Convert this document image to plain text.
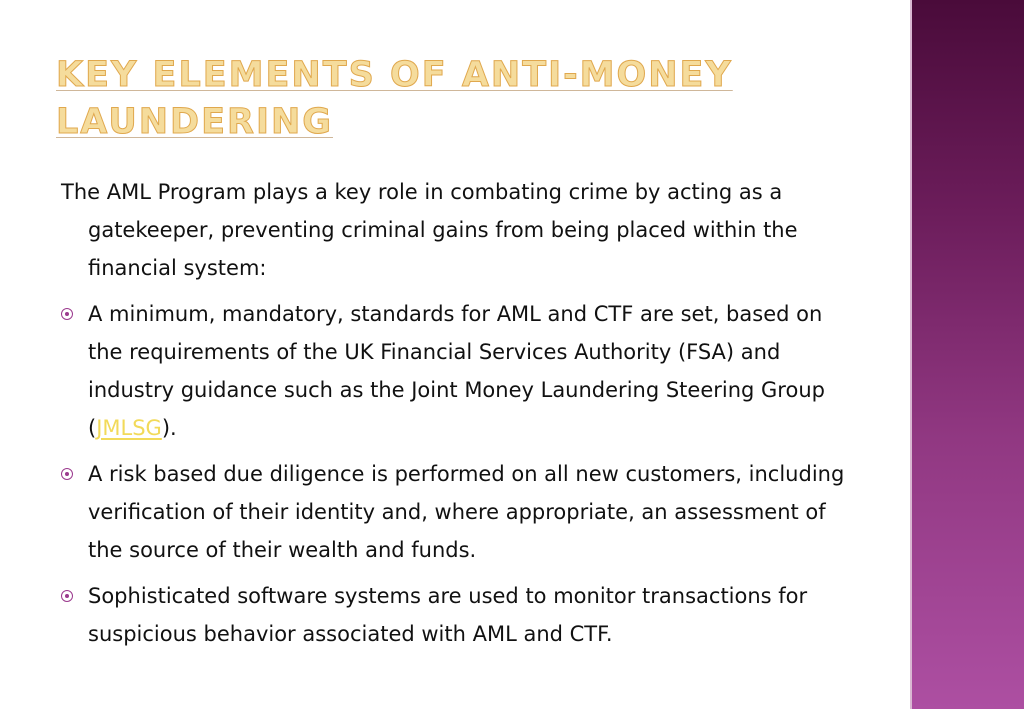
KEY ELEMENTS OF ANTI-MONEY
LAUNDERING

The AML Program plays a key role in combating crime by acting as a gatekeeper, preventing criminal gains from being placed within the financial system:

A minimum, mandatory, standards for AML and CTF are set, based on the requirements of the UK Financial Services Authority (FSA) and industry guidance such as the Joint Money Laundering Steering Group (JMLSG).
A risk based due diligence is performed on all new customers, including verification of their identity and, where appropriate, an assessment of the source of their wealth and funds.
Sophisticated software systems are used to monitor transactions for suspicious behavior associated with AML and CTF.
